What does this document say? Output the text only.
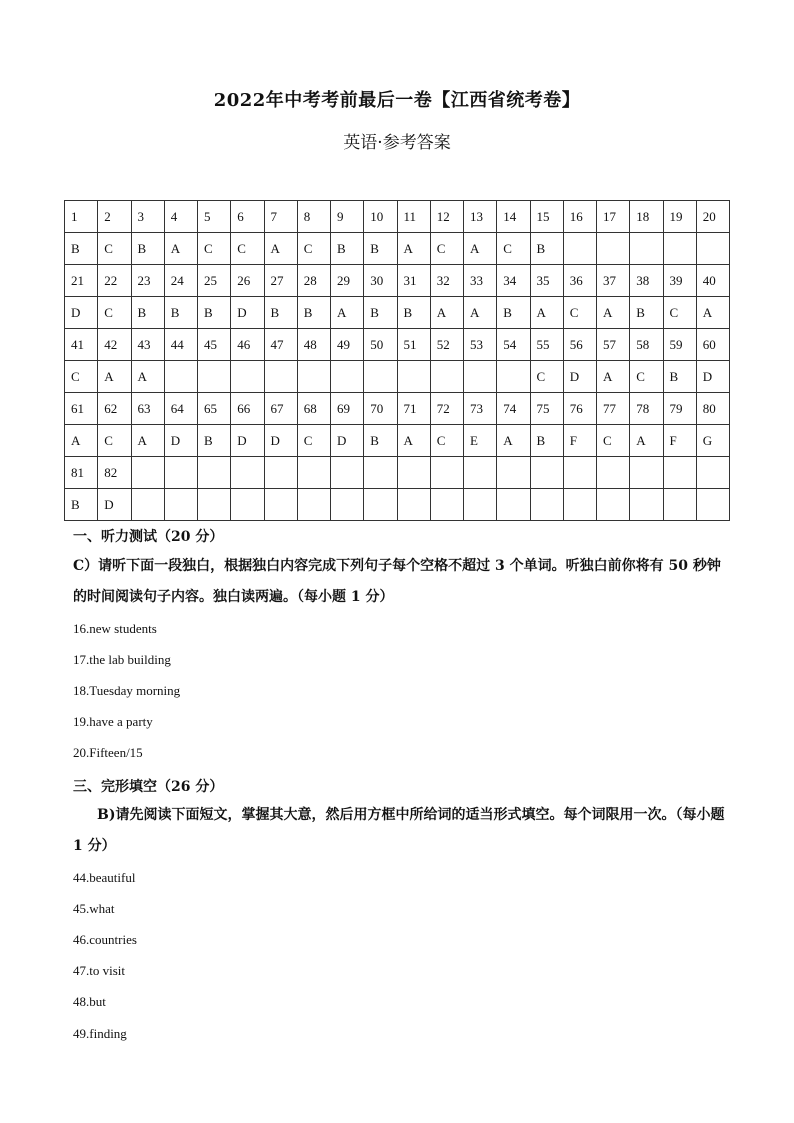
2022年中考考前最后一卷【江西省统考卷】
英语·参考答案
1	2	3	4	5	6	7	8	9	10	11	12	13	14	15	16	17	18	19	20
B	C	B	A	C	C	A	C	B	B	A	C	A	C	B					
21	22	23	24	25	26	27	28	29	30	31	32	33	34	35	36	37	38	39	40
D	C	B	B	B	D	B	B	A	B	B	A	A	B	A	C	A	B	C	A
41	42	43	44	45	46	47	48	49	50	51	52	53	54	55	56	57	58	59	60
C	A	A												C	D	A	C	B	D
61	62	63	64	65	66	67	68	69	70	71	72	73	74	75	76	77	78	79	80
A	C	A	D	B	D	D	C	D	B	A	C	E	A	B	F	C	A	F	G
81	82																		
B	D																		
一、听力测试（20 分）
C）请听下面一段独白，根据独白内容完成下列句子每个空格不超过 3 个单词。听独白前你将有 50 秒钟的时间阅读句子内容。独白读两遍。（每小题 1 分）
16.new students
17.the lab building
18.Tuesday morning
19.have a party
20.Fifteen/15
三、完形填空（26 分）
B)请先阅读下面短文，掌握其大意，然后用方框中所给词的适当形式填空。每个词限用一次。（每小题 1 分）
44.beautiful
45.what
46.countries
47.to visit
48.but
49.finding
